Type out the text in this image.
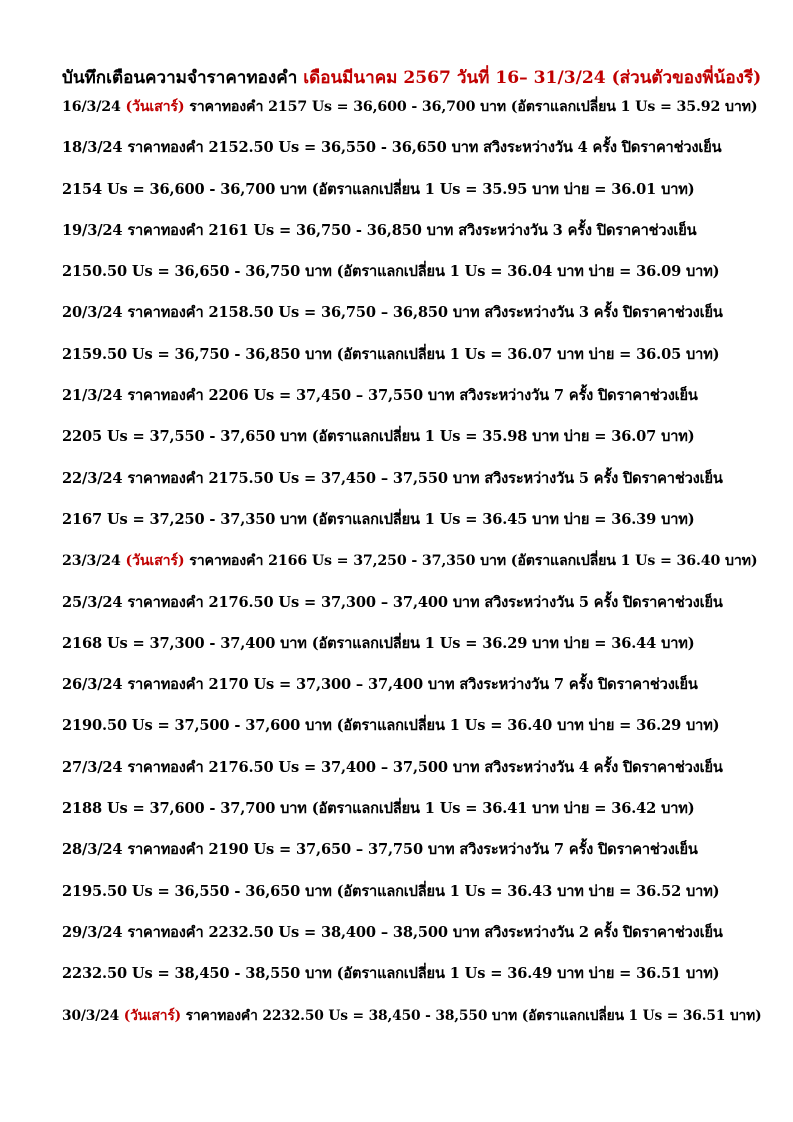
บันทึกเตือนความจำราคาทองคำ เดือนมีนาคม 2567 วันที่ 16– 31/3/24 (ส่วนตัวของพี่น้องรี)
16/3/24 (วันเสาร์) ราคาทองคำ 2157 Us = 36,600 - 36,700 บาท (อัตราแลกเปลี่ยน 1 Us = 35.92 บาท)
18/3/24 ราคาทองคำ 2152.50 Us = 36,550 - 36,650 บาท สวิงระหว่างวัน 4 ครั้ง ปิดราคาช่วงเย็น
2154 Us = 36,600 - 36,700 บาท (อัตราแลกเปลี่ยน 1 Us = 35.95 บาท บ่าย = 36.01 บาท)
19/3/24 ราคาทองคำ 2161 Us = 36,750 - 36,850 บาท สวิงระหว่างวัน 3 ครั้ง ปิดราคาช่วงเย็น
2150.50 Us = 36,650 - 36,750 บาท (อัตราแลกเปลี่ยน 1 Us = 36.04 บาท บ่าย = 36.09 บาท)
20/3/24 ราคาทองคำ 2158.50 Us = 36,750 – 36,850 บาท สวิงระหว่างวัน 3 ครั้ง ปิดราคาช่วงเย็น
2159.50 Us = 36,750 - 36,850 บาท (อัตราแลกเปลี่ยน 1 Us = 36.07 บาท บ่าย = 36.05 บาท)
21/3/24 ราคาทองคำ 2206 Us = 37,450 – 37,550 บาท สวิงระหว่างวัน 7 ครั้ง ปิดราคาช่วงเย็น
2205 Us = 37,550 - 37,650 บาท (อัตราแลกเปลี่ยน 1 Us = 35.98 บาท บ่าย = 36.07 บาท)
22/3/24 ราคาทองคำ 2175.50 Us = 37,450 – 37,550 บาท สวิงระหว่างวัน 5 ครั้ง ปิดราคาช่วงเย็น
2167 Us = 37,250 - 37,350 บาท (อัตราแลกเปลี่ยน 1 Us = 36.45 บาท บ่าย = 36.39 บาท)
23/3/24 (วันเสาร์) ราคาทองคำ 2166 Us = 37,250 - 37,350 บาท (อัตราแลกเปลี่ยน 1 Us = 36.40 บาท)
25/3/24 ราคาทองคำ 2176.50 Us = 37,300 – 37,400 บาท สวิงระหว่างวัน 5 ครั้ง ปิดราคาช่วงเย็น
2168 Us = 37,300 - 37,400 บาท (อัตราแลกเปลี่ยน 1 Us = 36.29 บาท บ่าย = 36.44 บาท)
26/3/24 ราคาทองคำ 2170 Us = 37,300 – 37,400 บาท สวิงระหว่างวัน 7 ครั้ง ปิดราคาช่วงเย็น
2190.50 Us = 37,500 - 37,600 บาท (อัตราแลกเปลี่ยน 1 Us = 36.40 บาท บ่าย = 36.29 บาท)
27/3/24 ราคาทองคำ 2176.50 Us = 37,400 – 37,500 บาท สวิงระหว่างวัน 4 ครั้ง ปิดราคาช่วงเย็น
2188 Us = 37,600 - 37,700 บาท (อัตราแลกเปลี่ยน 1 Us = 36.41 บาท บ่าย = 36.42 บาท)
28/3/24 ราคาทองคำ 2190 Us = 37,650 – 37,750 บาท สวิงระหว่างวัน 7 ครั้ง ปิดราคาช่วงเย็น
2195.50 Us = 36,550 - 36,650 บาท (อัตราแลกเปลี่ยน 1 Us = 36.43 บาท บ่าย = 36.52 บาท)
29/3/24 ราคาทองคำ 2232.50 Us = 38,400 – 38,500 บาท สวิงระหว่างวัน 2 ครั้ง ปิดราคาช่วงเย็น
2232.50 Us = 38,450 - 38,550 บาท (อัตราแลกเปลี่ยน 1 Us = 36.49 บาท บ่าย = 36.51 บาท)
30/3/24 (วันเสาร์) ราคาทองคำ 2232.50 Us = 38,450 - 38,550 บาท (อัตราแลกเปลี่ยน 1 Us = 36.51 บาท)
